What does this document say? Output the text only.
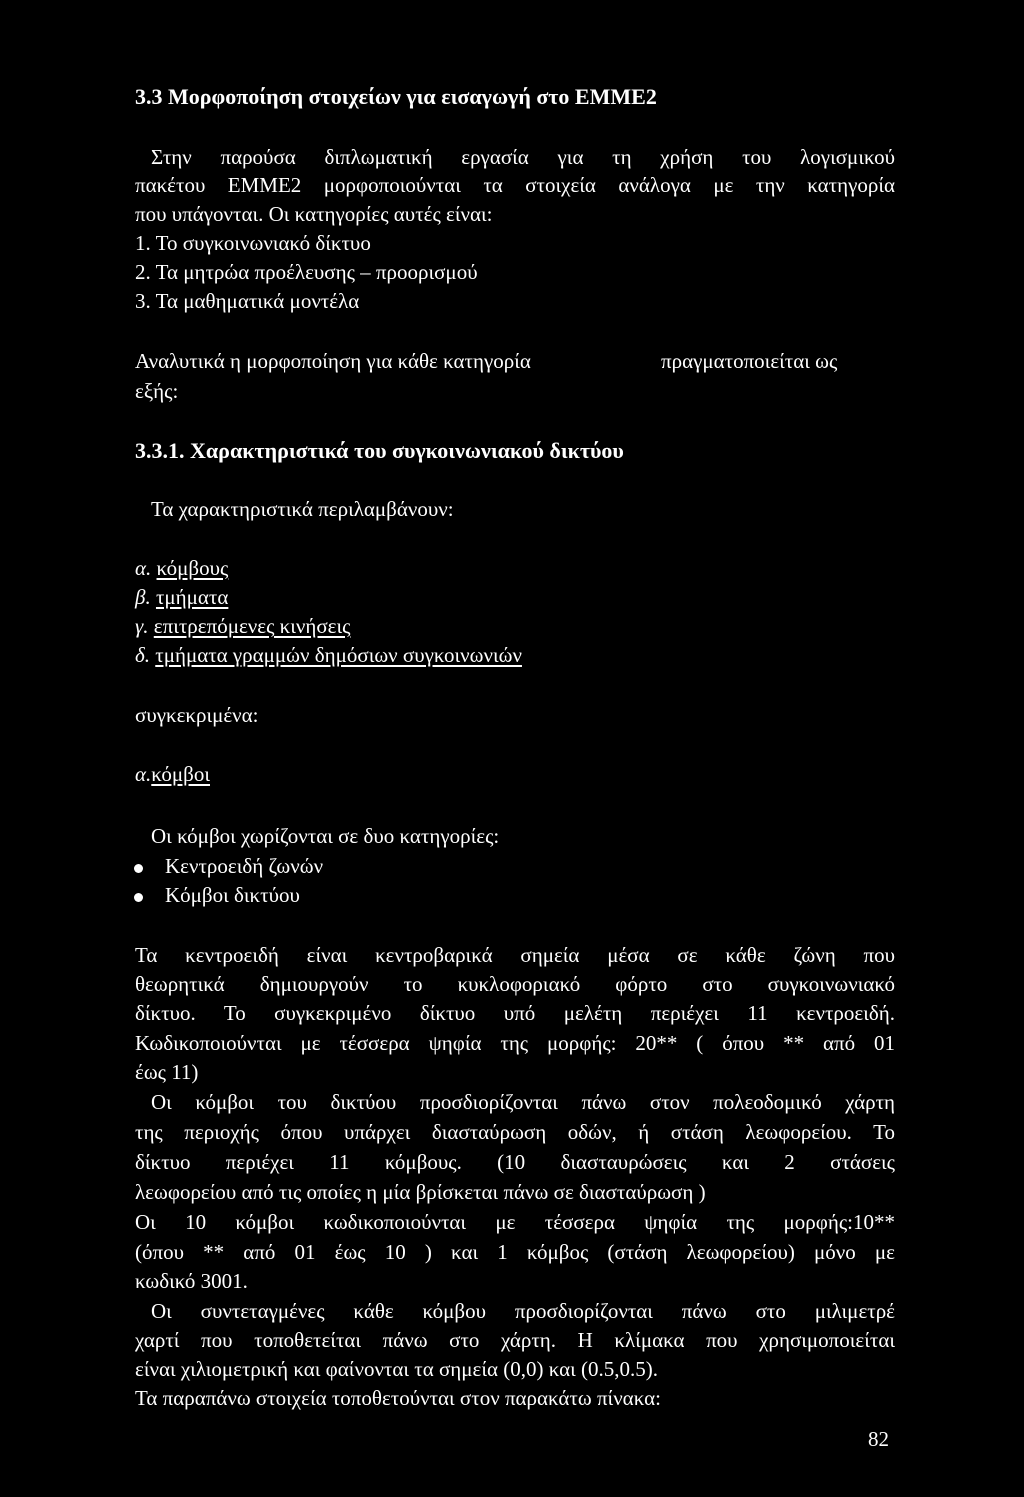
3.3 Μορφοποίηση στοιχείων για εισαγωγή στο ΕΜΜΕ2
Στην παρούσα διπλωματική εργασία για τη χρήση του λογισμικού
πακέτου ΕΜΜΕ2 μορφοποιούνται τα στοιχεία ανάλογα με την κατηγορία
που υπάγονται. Οι κατηγορίες αυτές είναι:
1. Το συγκοινωνιακό δίκτυο
2. Τα μητρώα προέλευσης – προορισμού
3. Τα μαθηματικά μοντέλα
Αναλυτικά η μορφοποίηση για κάθε κατηγορία	πραγματοποιείται ως
εξής:
3.3.1. Χαρακτηριστικά του συγκοινωνιακού δικτύου
Τα χαρακτηριστικά περιλαμβάνουν:
α. κόμβους
β. τμήματα
γ. επιτρεπόμενες κινήσεις
δ. τμήματα γραμμών δημόσιων συγκοινωνιών
συγκεκριμένα:
α.κόμβοι
Οι κόμβοι χωρίζονται σε δυο κατηγορίες:
Κεντροειδή ζωνών
Κόμβοι δικτύου
Τα κεντροειδή είναι κεντροβαρικά σημεία μέσα σε κάθε ζώνη που
θεωρητικά δημιουργούν το κυκλοφοριακό φόρτο στο συγκοινωνιακό
δίκτυο. Το συγκεκριμένο δίκτυο υπό μελέτη περιέχει 11 κεντροειδή.
Κωδικοποιούνται με τέσσερα ψηφία της μορφής: 20** ( όπου ** από 01
έως 11)
Οι κόμβοι του δικτύου προσδιορίζονται πάνω στον πολεοδομικό χάρτη
της περιοχής όπου υπάρχει διασταύρωση οδών, ή στάση λεωφορείου. Το
δίκτυο περιέχει 11 κόμβους. (10 διασταυρώσεις και 2 στάσεις
λεωφορείου από τις οποίες η μία βρίσκεται πάνω σε διασταύρωση )
Οι 10 κόμβοι κωδικοποιούνται με τέσσερα ψηφία της μορφής:10**
(όπου ** από 01 έως 10 ) και 1 κόμβος (στάση λεωφορείου) μόνο με
κωδικό 3001.
Οι συντεταγμένες κάθε κόμβου προσδιορίζονται πάνω στο μιλιμετρέ
χαρτί που τοποθετείται πάνω στο χάρτη. Η κλίμακα που χρησιμοποιείται
είναι χιλιομετρική και φαίνονται τα σημεία (0,0) και (0.5,0.5).
Τα παραπάνω στοιχεία τοποθετούνται στον παρακάτω πίνακα:
82
